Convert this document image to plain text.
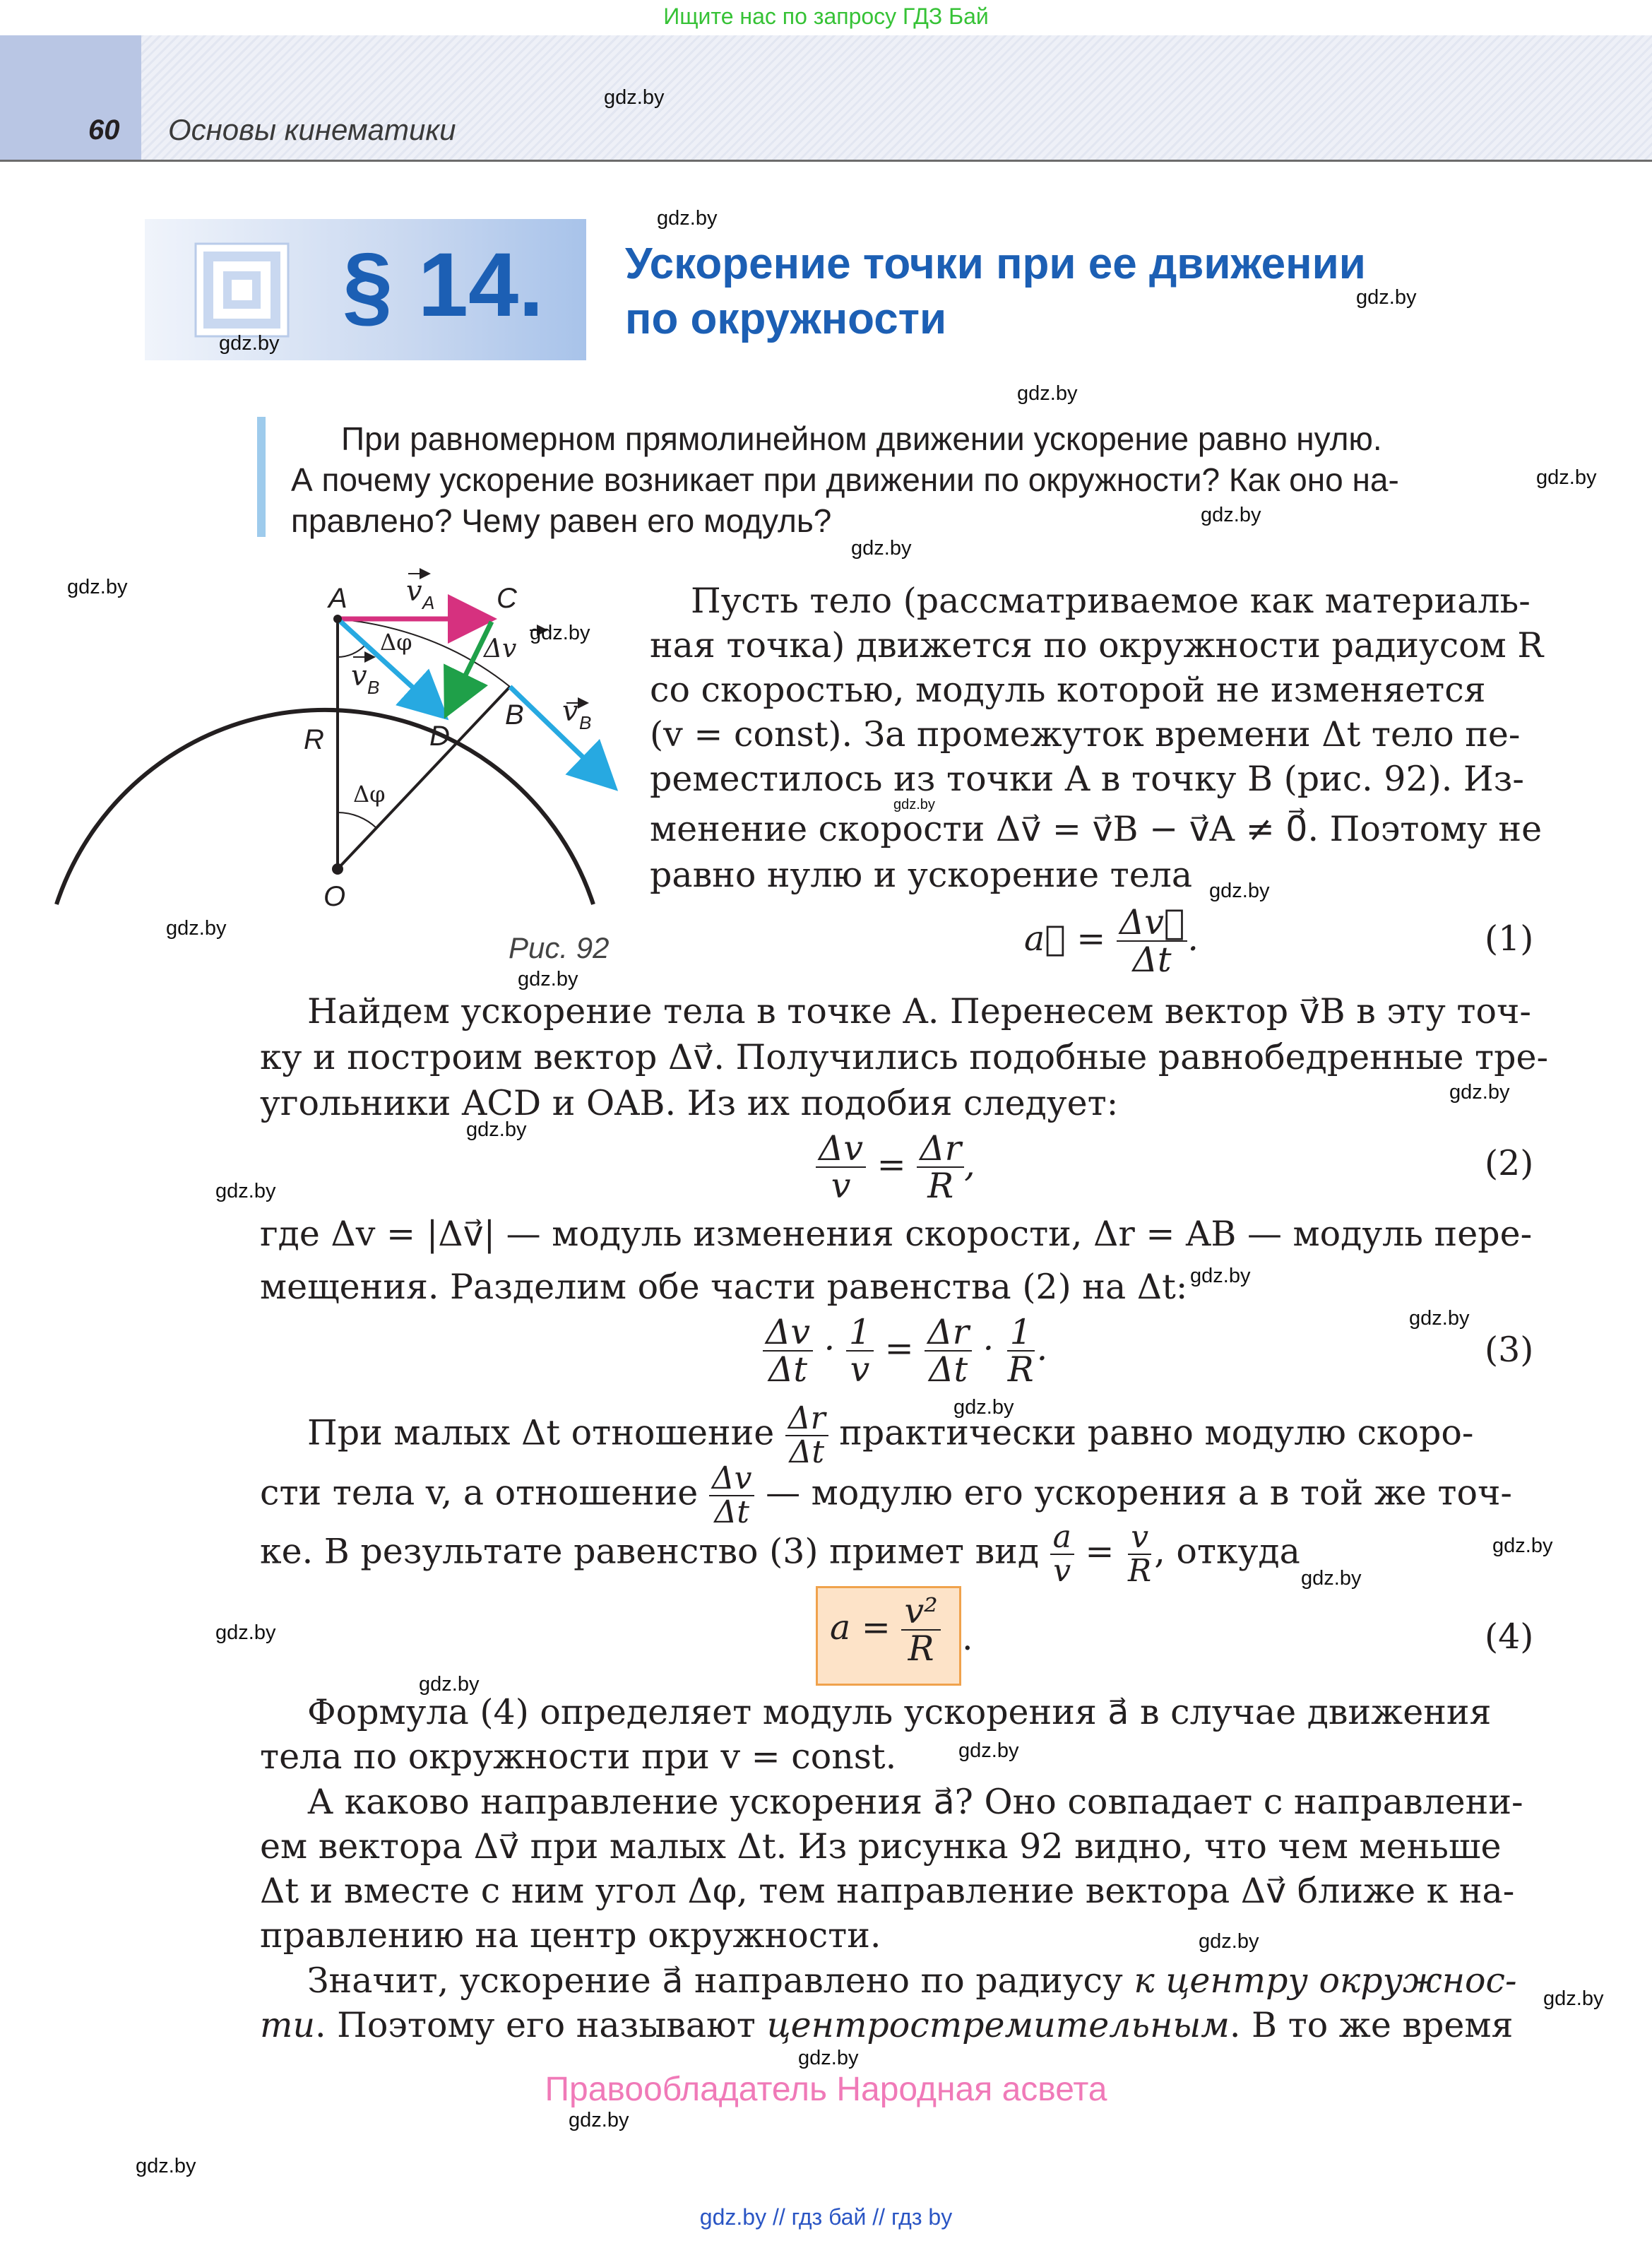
Ищите нас по запросу ГДЗ Бай
60 Основы кинематики
§ 14. Ускорение точки при ее движении
по окружности
При равномерном прямолинейном движении ускорение равно нулю.
А почему ускорение возникает при движении по окружности? Как оно на-
правлено? Чему равен его модуль?
A	C
B
D
O
R
Δφ
Δφ
Δv
v A
v B
v B
Рис. 92
Пусть тело (рассматриваемое как материаль-
ная точка) движется по окружности радиусом R
со скоростью, модуль которой не изменяется
(v = const). За промежуток времени Δt тело пе-
реместилось из точки A в точку B (рис. 92). Из-
менение скорости Δv⃗ = v⃗B − v⃗A ≠ 0⃗. Поэтому не
равно нулю и ускорение тела
a⃗ = $\frac{\Delta v⃗}{\Delta t}$ .	(1)
Найдем ускорение тела в точке A. Перенесем вектор v⃗B в эту точ-
ку и построим вектор Δv⃗. Получились подобные равнобедренные тре-
угольники ACD и OAB. Из их подобия следует:
$\frac{\Delta v}{v} = \frac{\Delta r}{R}$ ,	(2)
где Δv = |Δv⃗| — модуль изменения скорости, Δr = AB — модуль пере-
мещения. Разделим обе части равенства (2) на Δt:
$\frac{\Delta v}{\Delta t} \cdot \frac{1}{v} = \frac{\Delta r}{\Delta t} \cdot \frac{1}{R}$ .	(3)
При малых Δt отношение $\frac{\Delta r}{\Delta t}$ практически равно модулю скоро-
сти тела v, а отношение $\frac{\Delta v}{\Delta t}$ — модулю его ускорения a в той же точ-
ке. В результате равенство (3) примет вид $\frac{a}{v} = \frac{v}{R}$ , откуда
$a = \frac{\text{v²}}{R}$ .	(4)
Формула (4) определяет модуль ускорения a⃗ в случае движения
тела по окружности при v = const.
А каково направление ускорения a⃗? Оно совпадает с направлени-
ем вектора Δv⃗ при малых Δt. Из рисунка 92 видно, что чем меньше
Δt и вместе с ним угол Δφ, тем направление вектора Δv⃗ ближе к на-
правлению на центр окружности.
Значит, ускорение a⃗ направлено по радиусу к центру окружнос-
ти. Поэтому его называют центростремительным. В то же время
Правообладатель Народная асвета
gdz.by // гдз бай // гдз by
gdz.by
gdz.by
gdz.by
gdz.by
gdz.by
gdz.by
gdz.by
gdz.by
gdz.by
gdz.by
gdz.by
gdz.by
gdz.by
gdz.by
gdz.by
gdz.by
gdz.by
gdz.by
gdz.by
gdz.by
gdz.by
gdz.by
gdz.by
gdz.by
gdz.by
gdz.by
gdz.by
gdz.by
gdz.by
gdz.by
